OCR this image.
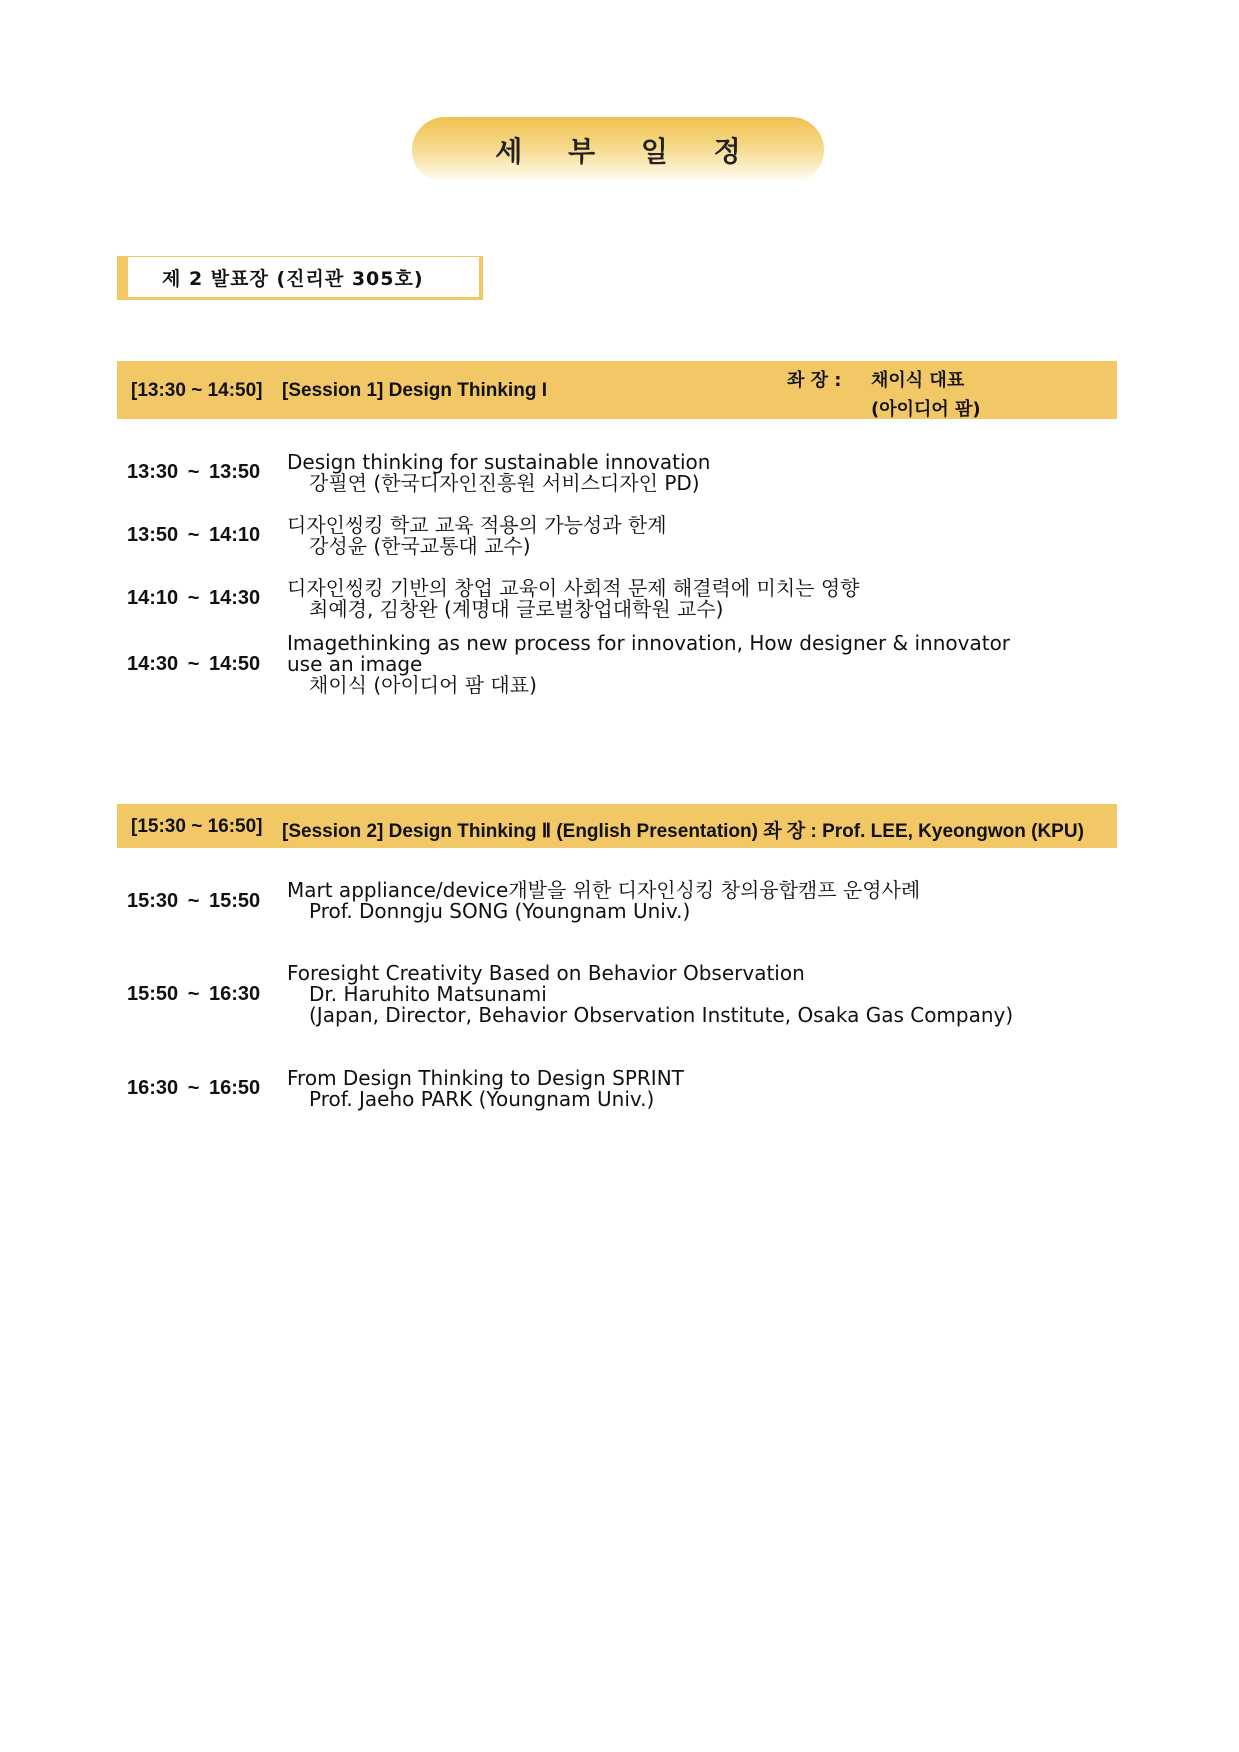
세 부 일 정
제 2 발표장 (진리관 305호)
[13:30 ~ 14:50] [Session 1] Design Thinking I	좌 장 : 채이식 대표
(아이디어 팜)
13:30 ~ 13:50 Design thinking for sustainable innovation
강필연 (한국디자인진흥원 서비스디자인 PD)
13:50 ~ 14:10 디자인씽킹 학교 교육 적용의 가능성과 한계
강성윤 (한국교통대 교수)
14:10 ~ 14:30 디자인씽킹 기반의 창업 교육이 사회적 문제 해결력에 미치는 영향
최예경, 김창완 (계명대 글로벌창업대학원 교수)
14:30 ~ 14:50
Imagethinking as new process for innovation, How designer & innovator
use an image
채이식 (아이디어 팜 대표)
[15:30 ~ 16:50] [Session 2] Design Thinking Ⅱ (English Presentation) 좌 장 : Prof. LEE, Kyeongwon (KPU)
15:30 ~ 15:50 Mart appliance/device개발을 위한 디자인싱킹 창의융합캠프 운영사례
Prof. Donngju SONG (Youngnam Univ.)
15:50 ~ 16:30
Foresight Creativity Based on Behavior Observation
Dr. Haruhito Matsunami
(Japan, Director, Behavior Observation Institute, Osaka Gas Company)
16:30 ~ 16:50 From Design Thinking to Design SPRINT
Prof. Jaeho PARK (Youngnam Univ.)
